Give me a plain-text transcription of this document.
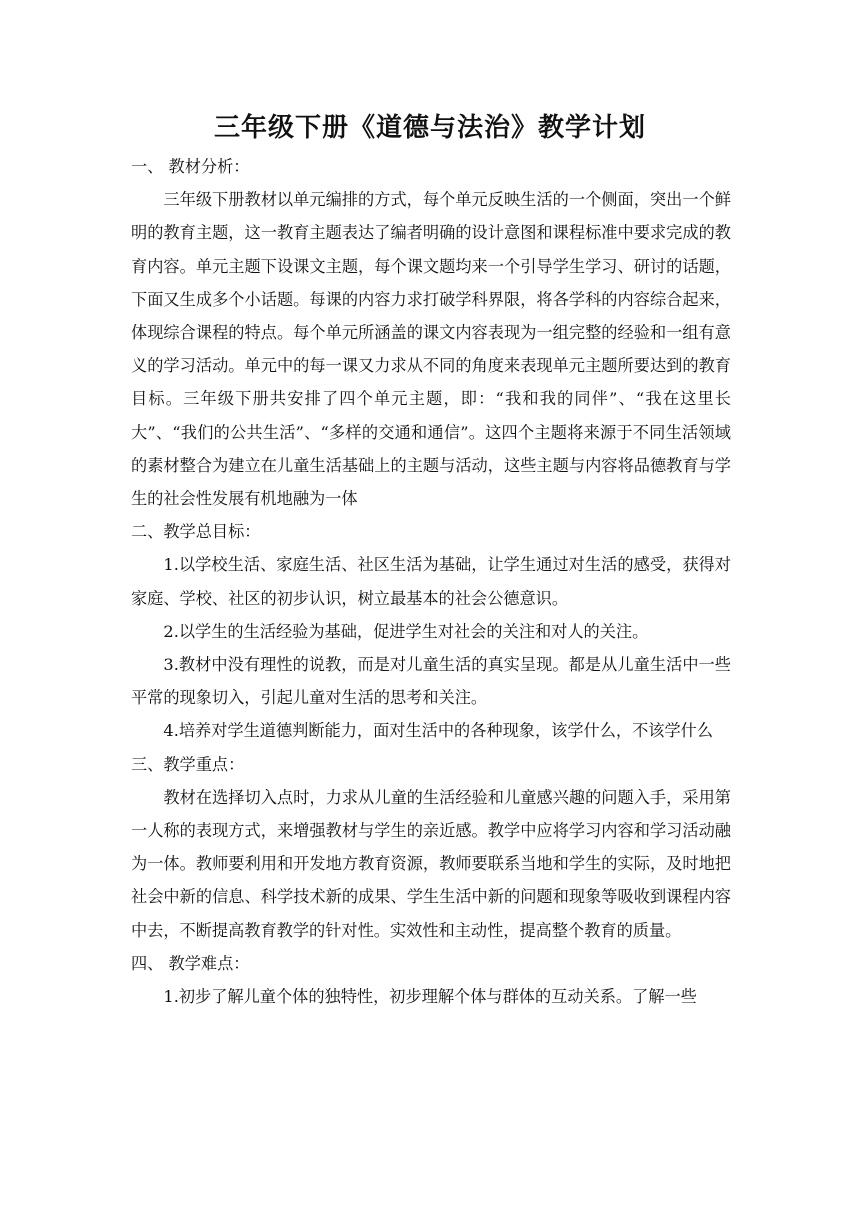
三年级下册《道德与法治》教学计划

一、 教材分析：

三年级下册教材以单元编排的方式，每个单元反映生活的一个侧面，突出一个鲜明的教育主题，这一教育主题表达了编者明确的设计意图和课程标准中要求完成的教育内容。单元主题下设课文主题，每个课文题均来一个引导学生学习、研讨的话题，下面又生成多个小话题。每课的内容力求打破学科界限，将各学科的内容综合起来，体现综合课程的特点。每个单元所涵盖的课文内容表现为一组完整的经验和一组有意义的学习活动。单元中的每一课又力求从不同的角度来表现单元主题所要达到的教育目标。三年级下册共安排了四个单元主题，即：“我和我的同伴”、“我在这里长大”、“我们的公共生活”、“多样的交通和通信”。这四个主题将来源于不同生活领域的素材整合为建立在儿童生活基础上的主题与活动，这些主题与内容将品德教育与学生的社会性发展有机地融为一体

二、教学总目标：

1.以学校生活、家庭生活、社区生活为基础，让学生通过对生活的感受，获得对家庭、学校、社区的初步认识，树立最基本的社会公德意识。

2.以学生的生活经验为基础，促进学生对社会的关注和对人的关注。

3.教材中没有理性的说教，而是对儿童生活的真实呈现。都是从儿童生活中一些平常的现象切入，引起儿童对生活的思考和关注。

4.培养对学生道德判断能力，面对生活中的各种现象，该学什么，不该学什么

三、教学重点：

教材在选择切入点时，力求从儿童的生活经验和儿童感兴趣的问题入手，采用第一人称的表现方式，来增强教材与学生的亲近感。教学中应将学习内容和学习活动融为一体。教师要利用和开发地方教育资源，教师要联系当地和学生的实际，及时地把社会中新的信息、科学技术新的成果、学生生活中新的问题和现象等吸收到课程内容中去，不断提高教育教学的针对性。实效性和主动性，提高整个教育的质量。

四、 教学难点：

1.初步了解儿童个体的独特性，初步理解个体与群体的互动关系。了解一些
